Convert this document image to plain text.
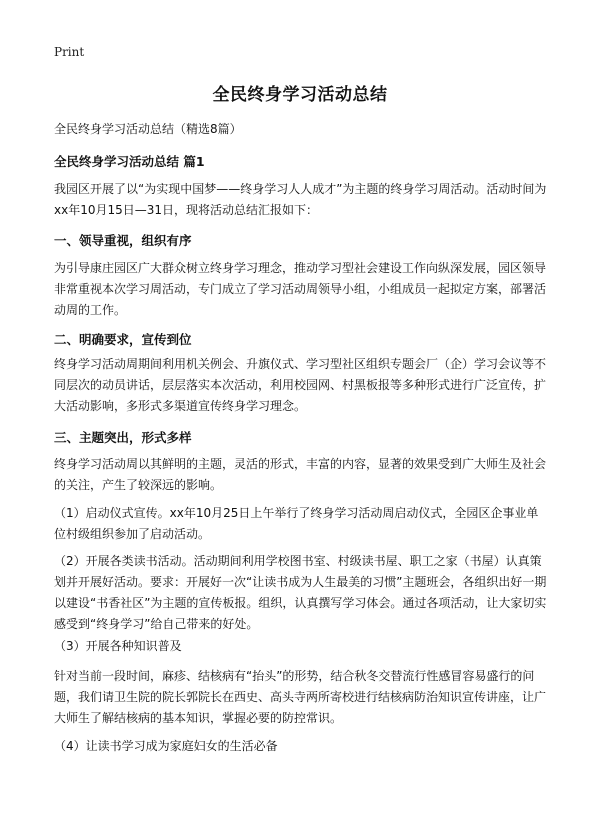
Print
全民终身学习活动总结
全民终身学习活动总结（精选8篇）
全民终身学习活动总结 篇1
我园区开展了以“为实现中国梦——终身学习人人成才”为主题的终身学习周活动。活动时间为xx年10月15日—31日，现将活动总结汇报如下：
一、领导重视，组织有序
为引导康庄园区广大群众树立终身学习理念，推动学习型社会建设工作向纵深发展，园区领导非常重视本次学习周活动，专门成立了学习活动周领导小组，小组成员一起拟定方案，部署活动周的工作。
二、明确要求，宣传到位
终身学习活动周期间利用机关例会、升旗仪式、学习型社区组织专题会厂（企）学习会议等不同层次的动员讲话，层层落实本次活动，利用校园网、村黑板报等多种形式进行广泛宣传，扩大活动影响，多形式多渠道宣传终身学习理念。
三、主题突出，形式多样
终身学习活动周以其鲜明的主题，灵活的形式，丰富的内容，显著的效果受到广大师生及社会的关注，产生了较深远的影响。
（1）启动仪式宣传。xx年10月25日上午举行了终身学习活动周启动仪式，全园区企事业单位村级组织参加了启动活动。
（2）开展各类读书活动。活动期间利用学校图书室、村级读书屋、职工之家（书屋）认真策划并开展好活动。要求：开展好一次“让读书成为人生最美的习惯”主题班会，各组织出好一期以建设“书香社区”为主题的宣传板报。组织，认真撰写学习体会。通过各项活动，让大家切实感受到“终身学习”给自己带来的好处。
（3）开展各种知识普及
针对当前一段时间，麻疹、结核病有“抬头”的形势，结合秋冬交替流行性感冒容易盛行的问题，我们请卫生院的院长郭院长在西史、高头寺两所寄校进行结核病防治知识宣传讲座，让广大师生了解结核病的基本知识，掌握必要的防控常识。
（4）让读书学习成为家庭妇女的生活必备
